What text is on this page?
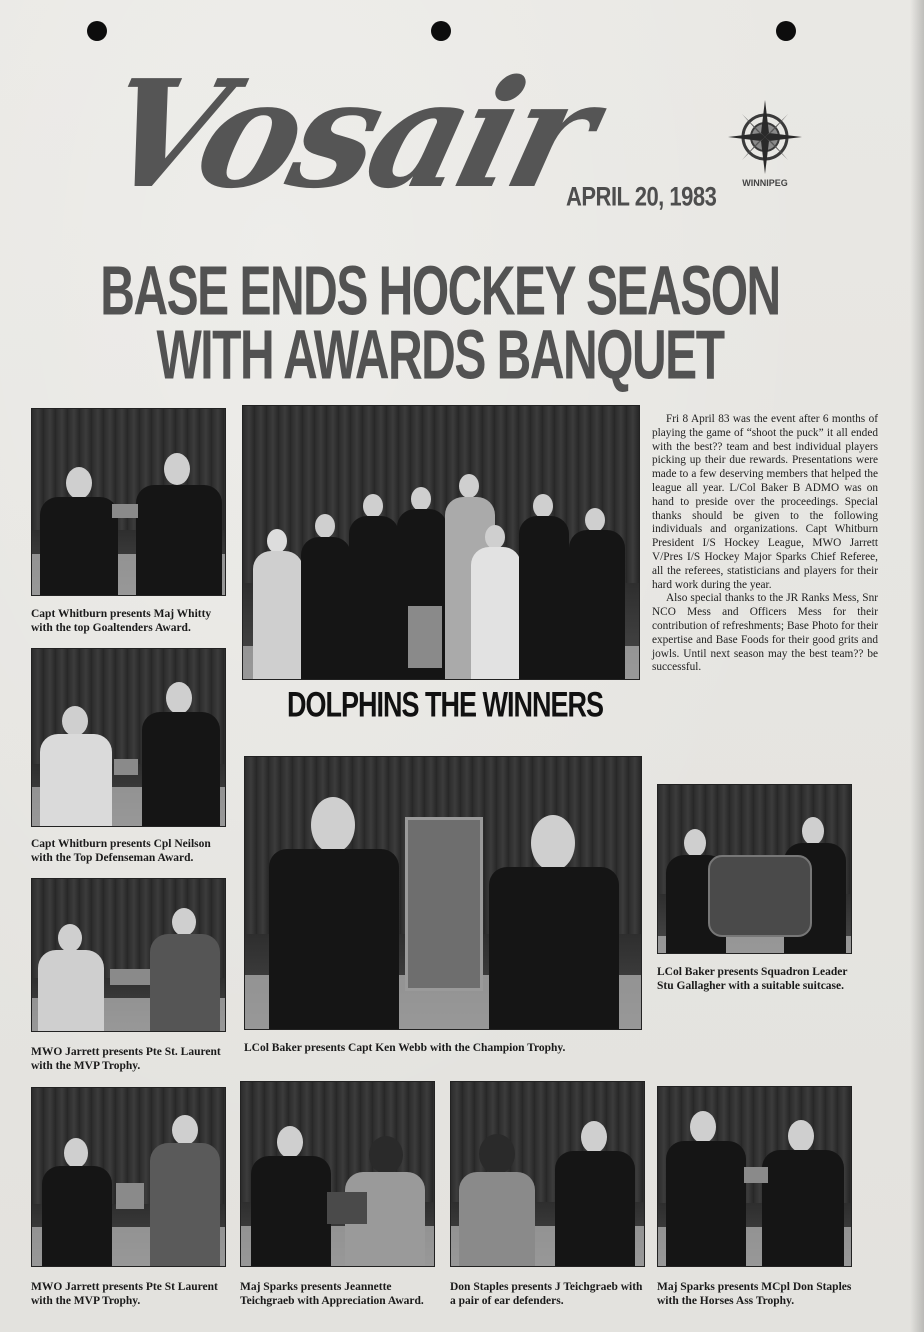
Vosair
APRIL 20, 1983	WINNIPEG
BASE ENDS HOCKEY SEASON
WITH AWARDS BANQUET
Capt Whitburn presents Maj Whitty with the top Goaltenders Award.

Fri 8 April 83 was the event after 6 months of playing the game of “shoot the puck” it all ended with the best?? team and best individual players picking up their due rewards. Presentations were made to a few deserving members that helped the league all year. L/Col Baker B ADMO was on hand to preside over the proceedings. Special thanks should be given to the following individuals and organizations. Capt Whitburn President I/S Hockey League, MWO Jarrett V/Pres I/S Hockey Major Sparks Chief Referee, all the referees, statisticians and players for their hard work during the year.

Also special thanks to the JR Ranks Mess, Snr NCO Mess and Officers Mess for their contribution of refreshments; Base Photo for their expertise and Base Foods for their good grits and jowls. Until next season may the best team?? be successful.

DOLPHINS THE WINNERS
Capt Whitburn presents Cpl Neilson with the Top Defenseman Award.
LCol Baker presents Capt Ken Webb with the Champion Trophy.
LCol Baker presents Squadron Leader Stu Gallagher with a suitable suitcase.
MWO Jarrett presents Pte St. Laurent with the MVP Trophy.
MWO Jarrett presents Pte St Laurent with the MVP Trophy.
Maj Sparks presents Jeannette Teichgraeb with Appreciation Award.
Don Staples presents J Teichgraeb with a pair of ear defenders.
Maj Sparks presents MCpl Don Staples with the Horses Ass Trophy.
